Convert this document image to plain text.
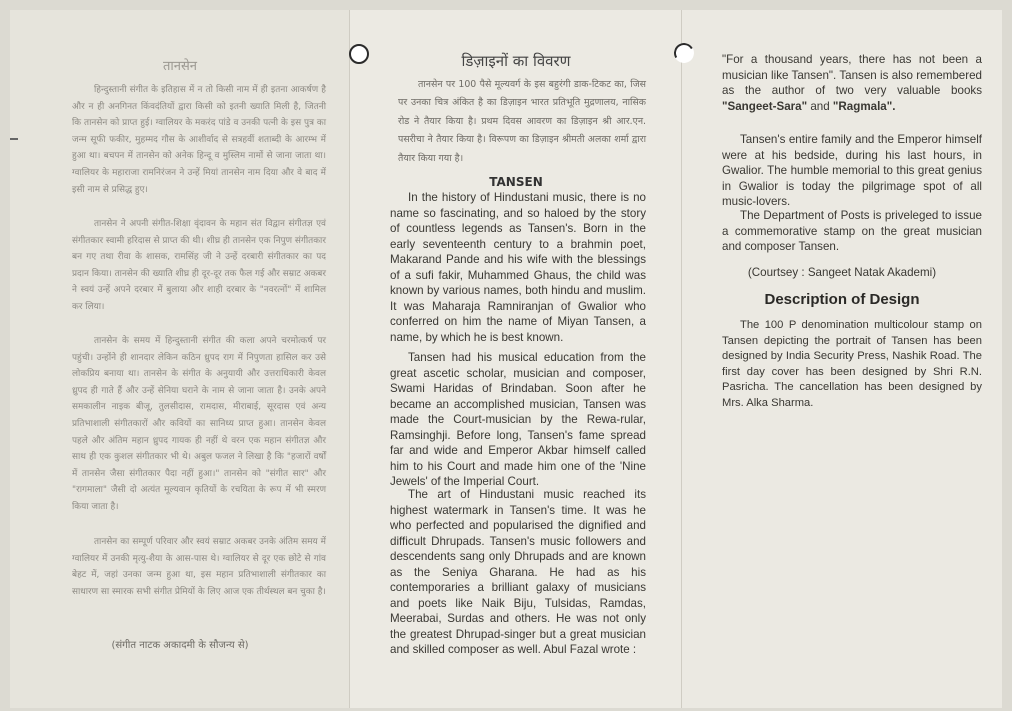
तानसेन

हिन्दुस्तानी संगीत के इतिहास में न तो किसी नाम में ही इतना आकर्षण है और न ही अनगिनत किंवदंतियों द्वारा किसी को इतनी ख्याति मिली है, जितनी कि तानसेन को प्राप्त हुई। ग्वालियर के मकरंद पांडे व उनकी पत्नी के इस पुत्र का जन्म सूफी फकीर, मुहम्मद गौस के आशीर्वाद से सत्रहवीं शताब्दी के आरम्भ में हुआ था। बचपन में तानसेन को अनेक हिन्दू व मुस्लिम नामों से जाना जाता था। ग्वालियर के महाराजा रामनिरंजन ने उन्हें मियां तानसेन नाम दिया और वे बाद में इसी नाम से प्रसिद्ध हुए।

तानसेन ने अपनी संगीत-शिक्षा वृंदावन के महान संत विद्वान संगीतज्ञ एवं संगीतकार स्वामी हरिदास से प्राप्त की थी। शीघ्र ही तानसेन एक निपुण संगीतकार बन गए तथा रीवा के शासक, रामसिंह जी ने उन्हें दरबारी संगीतकार का पद प्रदान किया। तानसेन की ख्याति शीघ्र ही दूर-दूर तक फैल गई और सम्राट अकबर ने स्वयं उन्हें अपने दरबार में बुलाया और शाही दरबार के "नवरत्नों" में शामिल कर लिया।

तानसेन के समय में हिन्दुस्तानी संगीत की कला अपने चरमोत्कर्ष पर पहुंची। उन्होंने ही शानदार लेकिन कठिन ध्रुपद राग में निपुणता हासिल कर उसे लोकप्रिय बनाया था। तानसेन के संगीत के अनुयायी और उत्तराधिकारी केवल ध्रुपद ही गाते हैं और उन्हें सेनिया घराने के नाम से जाना जाता है। उनके अपने समकालीन नाइक बीजू, तुलसीदास, रामदास, मीराबाई, सूरदास एवं अन्य प्रतिभाशाली संगीतकारों और कवियों का सानिध्य प्राप्त हुआ। तानसेन केवल पहले और अंतिम महान ध्रुपद गायक ही नहीं थे वरन एक महान संगीतज्ञ और साथ ही एक कुशल संगीतकार भी थे। अबुल फजल ने लिखा है कि "हजारों वर्षों में तानसेन जैसा संगीतकार पैदा नहीं हुआ।" तानसेन को "संगीत सार" और "रागमाला" जैसी दो अत्यंत मूल्यवान कृतियों के रचयिता के रूप में भी स्मरण किया जाता है।

तानसेन का सम्पूर्ण परिवार और स्वयं सम्राट अकबर उनके अंतिम समय में ग्वालियर में उनकी मृत्यु-शैया के आस-पास थे। ग्वालियर से दूर एक छोटे से गांव बेहट में, जहां उनका जन्म हुआ था, इस महान प्रतिभाशाली संगीतकार का साधारण सा स्मारक सभी संगीत प्रेमियों के लिए आज एक तीर्थस्थल बन चुका है।

(संगीत नाटक अकादमी के सौजन्य से)
डिज़ाइनों का विवरण

तानसेन पर 100 पैसे मूल्यवर्ग के इस बहुरंगी डाक-टिकट का, जिस पर उनका चित्र अंकित है का डिज़ाइन भारत प्रतिभूति मुद्रणालय, नासिक रोड ने तैयार किया है। प्रथम दिवस आवरण का डिज़ाइन श्री आर.एन. पसरीचा ने तैयार किया है। विरूपण का डिज़ाइन श्रीमती अलका शर्मा द्वारा तैयार किया गया है।

TANSEN

In the history of Hindustani music, there is no name so fascinating, and so haloed by the story of countless legends as Tansen's. Born in the early seventeenth century to a brahmin poet, Makarand Pande and his wife with the blessings of a sufi fakir, Muhammed Ghaus, the child was known by various names, both hindu and muslim. It was Maharaja Ramniranjan of Gwalior who conferred on him the name of Miyan Tansen, a name, by which he is best known.

Tansen had his musical education from the great ascetic scholar, musician and composer, Swami Haridas of Brindaban. Soon after he became an accomplished musician, Tansen was made the Court-musician by the Rewa-rular, Ramsinghji. Before long, Tansen's fame spread far and wide and Emperor Akbar himself called him to his Court and made him one of the 'Nine Jewels' of the Imperial Court.

The art of Hindustani music reached its highest watermark in Tansen's time. It was he who perfected and popularised the dignified and difficult Dhrupads. Tansen's music followers and descendents sang only Dhrupads and are known as the Seniya Gharana. He had as his contemporaries a brilliant galaxy of musicians and poets like Naik Biju, Tulsidas, Ramdas, Meerabai, Surdas and others. He was not only the greatest Dhrupad-singer but a great musician and skilled composer as well. Abul Fazal wrote :

"For a thousand years, there has not been a musician like Tansen". Tansen is also remembered as the author of two very valuable books "Sangeet-Sara" and "Ragmala".

Tansen's entire family and the Emperor himself were at his bedside, during his last hours, in Gwalior. The humble memorial to this great genius in Gwalior is today the pilgrimage spot of all music-lovers.

The Department of Posts is priveleged to issue a commemorative stamp on the great musician and composer Tansen.

(Courtsey : Sangeet Natak Akademi)
Description of Design

The 100 P denomination multicolour stamp on Tansen depicting the portrait of Tansen has been designed by India Security Press, Nashik Road. The first day cover has been designed by Shri R.N. Pasricha. The cancellation has been designed by Mrs. Alka Sharma.
